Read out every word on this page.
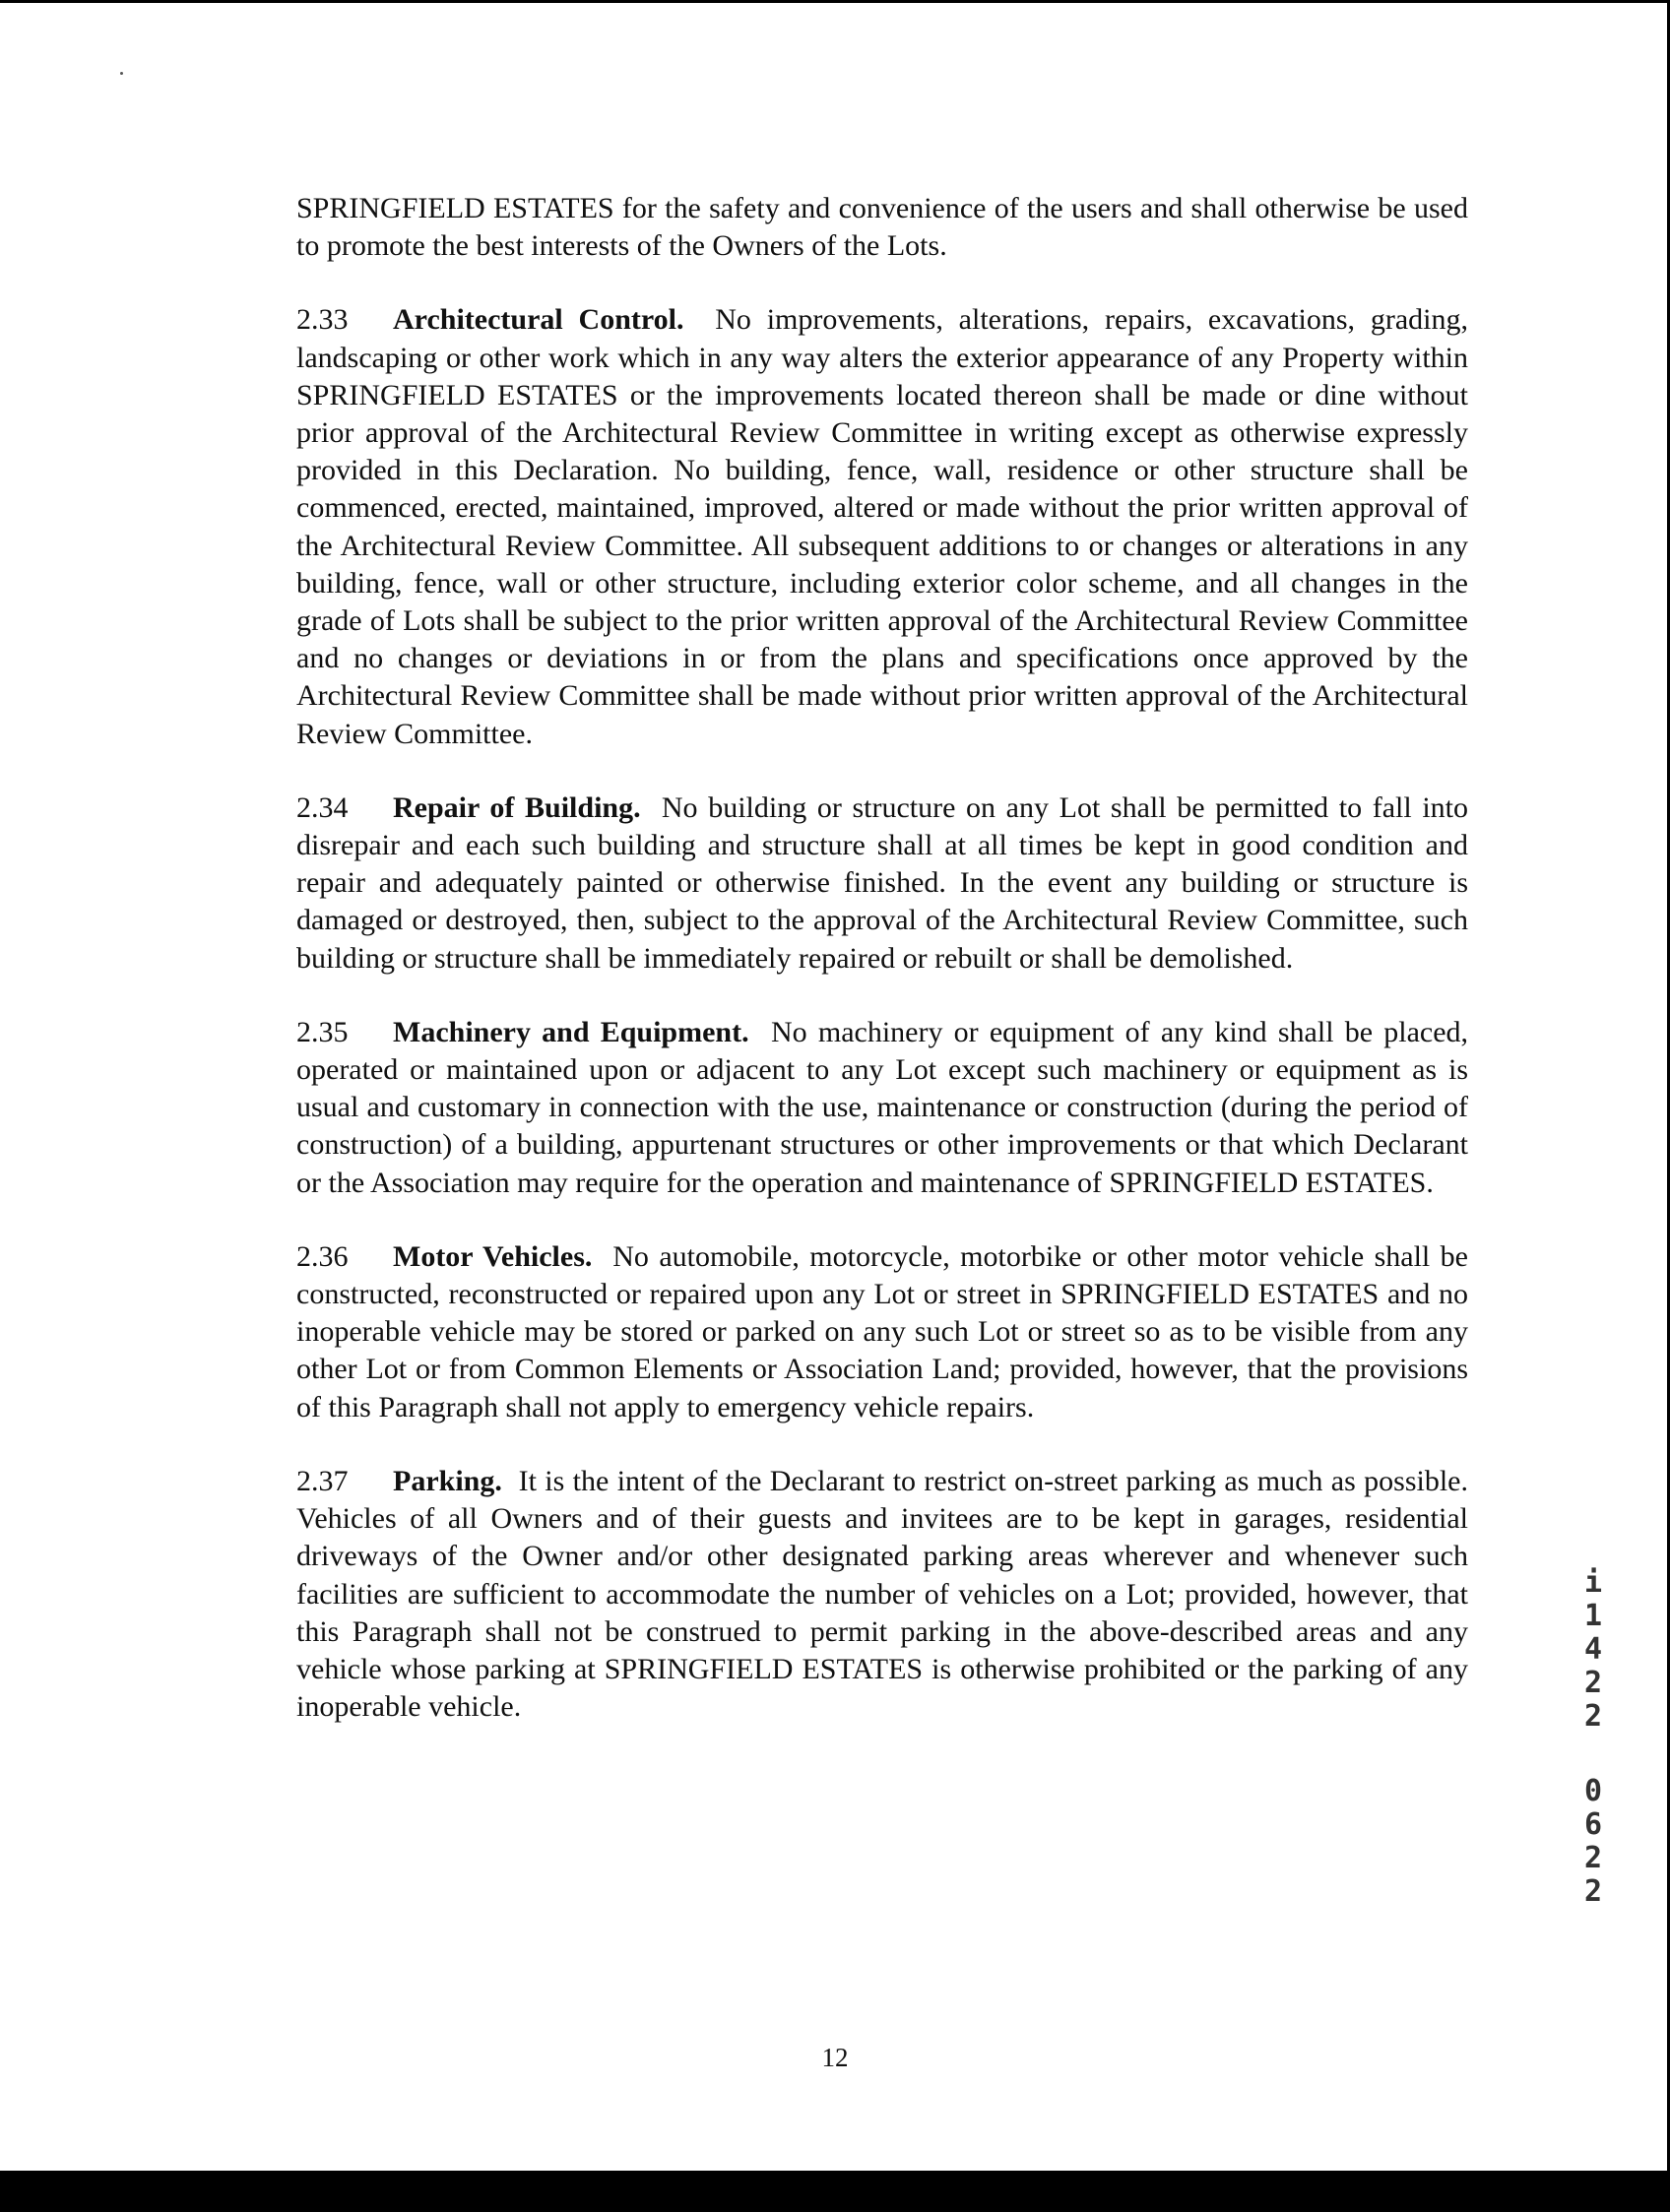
SPRINGFIELD ESTATES for the safety and convenience of the users and shall otherwise be used to promote the best interests of the Owners of the Lots.

2.33 Architectural Control. No improvements, alterations, repairs, excavations, grading, landscaping or other work which in any way alters the exterior appearance of any Property within SPRINGFIELD ESTATES or the improvements located thereon shall be made or dine without prior approval of the Architectural Review Committee in writing except as otherwise expressly provided in this Declaration. No building, fence, wall, residence or other structure shall be commenced, erected, maintained, improved, altered or made without the prior written approval of the Architectural Review Committee. All subsequent additions to or changes or alterations in any building, fence, wall or other structure, including exterior color scheme, and all changes in the grade of Lots shall be subject to the prior written approval of the Architectural Review Committee and no changes or deviations in or from the plans and specifications once approved by the Architectural Review Committee shall be made without prior written approval of the Architectural Review Committee.

2.34 Repair of Building. No building or structure on any Lot shall be permitted to fall into disrepair and each such building and structure shall at all times be kept in good condition and repair and adequately painted or otherwise finished. In the event any building or structure is damaged or destroyed, then, subject to the approval of the Architectural Review Committee, such building or structure shall be immediately repaired or rebuilt or shall be demolished.

2.35 Machinery and Equipment. No machinery or equipment of any kind shall be placed, operated or maintained upon or adjacent to any Lot except such machinery or equipment as is usual and customary in connection with the use, maintenance or construction (during the period of construction) of a building, appurtenant structures or other improvements or that which Declarant or the Association may require for the operation and maintenance of SPRINGFIELD ESTATES.

2.36 Motor Vehicles. No automobile, motorcycle, motorbike or other motor vehicle shall be constructed, reconstructed or repaired upon any Lot or street in SPRINGFIELD ESTATES and no inoperable vehicle may be stored or parked on any such Lot or street so as to be visible from any other Lot or from Common Elements or Association Land; provided, however, that the provisions of this Paragraph shall not apply to emergency vehicle repairs.

2.37 Parking. It is the intent of the Declarant to restrict on-street parking as much as possible. Vehicles of all Owners and of their guests and invitees are to be kept in garages, residential driveways of the Owner and/or other designated parking areas wherever and whenever such facilities are sufficient to accommodate the number of vehicles on a Lot; provided, however, that this Paragraph shall not be construed to permit parking in the above-described areas and any vehicle whose parking at SPRINGFIELD ESTATES is otherwise prohibited or the parking of any inoperable vehicle.

i
1
4
2
2
0
6
2
2
12
